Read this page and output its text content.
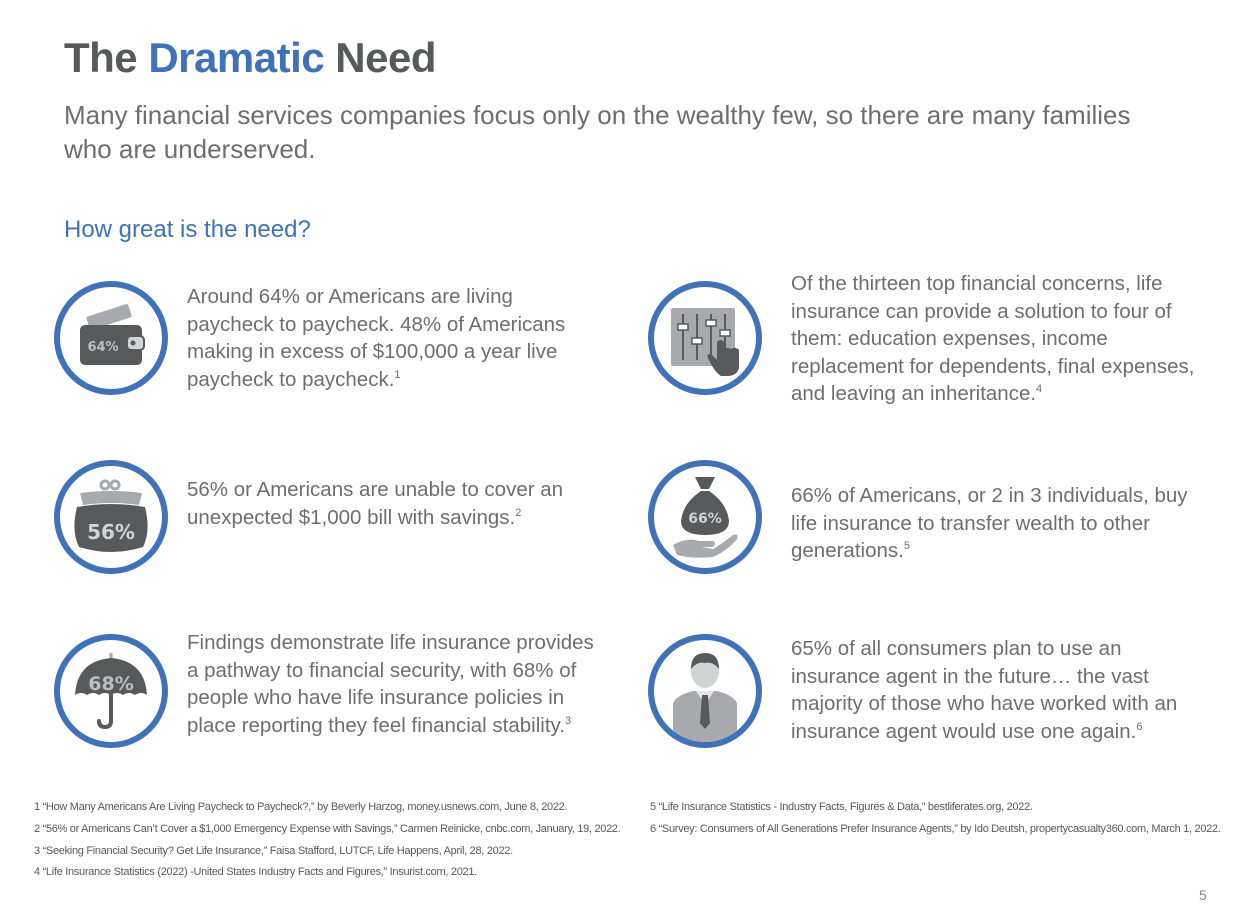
The Dramatic Need

Many financial services companies focus only on the wealthy few, so there are many families who are underserved.

How great is the need?

64%

Around 64% or Americans are living paycheck to paycheck. 48% of Americans making in excess of $100,000 a year live paycheck to paycheck.$^1$

56%

56% or Americans are unable to cover an unexpected $1,000 bill with savings.$^2$

68%

Findings demonstrate life insurance provides a pathway to financial security, with 68% of people who have life insurance policies in place reporting they feel financial stability.$^3$

Of the thirteen top financial concerns, life insurance can provide a solution to four of them: education expenses, income replacement for dependents, final expenses, and leaving an inheritance.$^4$

66%

66% of Americans, or 2 in 3 individuals, buy life insurance to transfer wealth to other generations.$^5$

65% of all consumers plan to use an insurance agent in the future… the vast majority of those who have worked with an insurance agent would use one again.$^6$

1 “How Many Americans Are Living Paycheck to Paycheck?,” by Beverly Harzog, money.usnews.com, June 8, 2022.

2 “56% or Americans Can’t Cover a $1,000 Emergency Expense with Savings,” Carmen Reinicke, cnbc.com, January, 19, 2022.

3 “Seeking Financial Security? Get Life Insurance,” Faisa Stafford, LUTCF, Life Happens, April, 28, 2022.

4 “Life Insurance Statistics (2022) -United States Industry Facts and Figures,” Insurist.com, 2021.

5 “Life Insurance Statistics - Industry Facts, Figures & Data,” bestliferates.org, 2022.

6 “Survey: Consumers of All Generations Prefer Insurance Agents,” by Ido Deutsh, propertycasualty360.com, March 1, 2022.

5
